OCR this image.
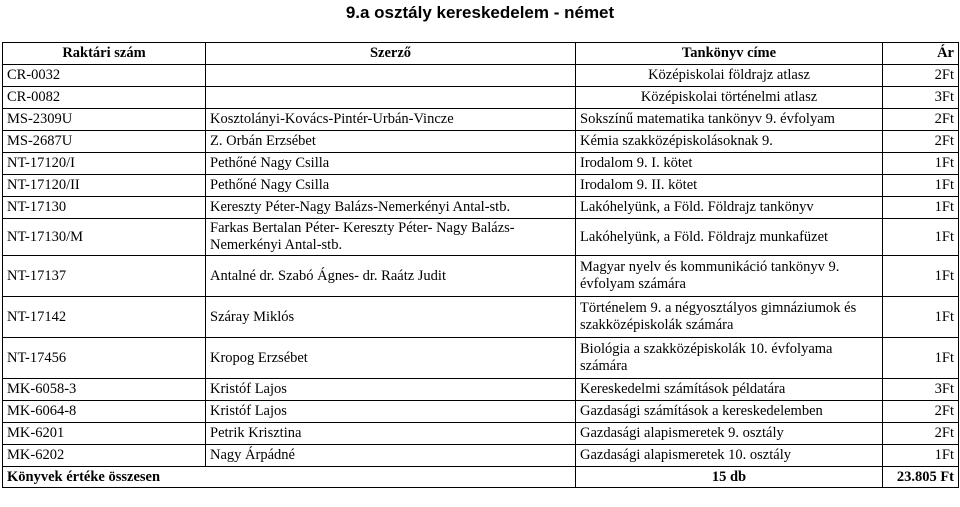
9.a osztály kereskedelem - német
Raktári szám	Szerző	Tankönyv címe	Ár
CR-0032		Középiskolai földrajz atlasz	2Ft
CR-0082		Középiskolai történelmi atlasz	3Ft
MS-2309U	Kosztolányi-Kovács-Pintér-Urbán-Vincze	Sokszínű matematika tankönyv 9. évfolyam	2Ft
MS-2687U	Z. Orbán Erzsébet	Kémia szakközépiskolásoknak 9.	2Ft
NT-17120/I	Pethőné Nagy Csilla	Irodalom 9. I. kötet	1Ft
NT-17120/II	Pethőné Nagy Csilla	Irodalom 9. II. kötet	1Ft
NT-17130	Kereszty Péter-Nagy Balázs-Nemerkényi Antal-stb.	Lakóhelyünk, a Föld. Földrajz tankönyv	1Ft
NT-17130/M	Farkas Bertalan Péter- Kereszty Péter- Nagy Balázs-Nemerkényi Antal-stb.	Lakóhelyünk, a Föld. Földrajz munkafüzet	1Ft
NT-17137	Antalné dr. Szabó Ágnes- dr. Raátz Judit	Magyar nyelv és kommunikáció tankönyv 9. évfolyam számára	1Ft
NT-17142	Száray Miklós	Történelem 9. a négyosztályos gimnáziumok és szakközépiskolák számára	1Ft
NT-17456	Kropog Erzsébet	Biológia a szakközépiskolák 10. évfolyama számára	1Ft
MK-6058-3	Kristóf Lajos	Kereskedelmi számítások példatára	3Ft
MK-6064-8	Kristóf Lajos	Gazdasági számítások a kereskedelemben	2Ft
MK-6201	Petrik Krisztina	Gazdasági alapismeretek 9. osztály	2Ft
MK-6202	Nagy Árpádné	Gazdasági alapismeretek 10. osztály	1Ft
Könyvek értéke összesen		15 db	23.805 Ft
